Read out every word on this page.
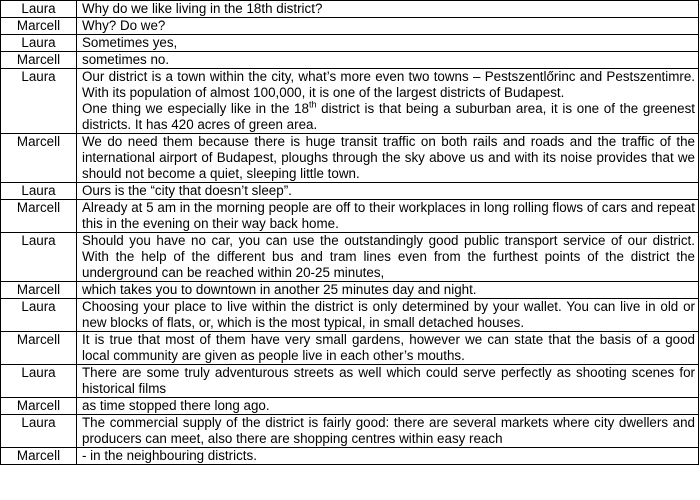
Laura	Why do we like living in the 18th district?

Marcell	Why? Do we?

Laura	Sometimes yes,

Marcell	sometimes no.

Laura	Our district is a town within the city, what’s more even two towns – Pestszentlőrinc and Pestszentimre. With its population of almost 100,000, it is one of the largest districts of Budapest.
One thing we especially like in the 18th district is that being a suburban area, it is one of the greenest districts. It has 420 acres of green area.

Marcell	We do need them because there is huge transit traffic on both rails and roads and the traffic of the international airport of Budapest, ploughs through the sky above us and with its noise provides that we should not become a quiet, sleeping little town.

Laura	Ours is the “city that doesn’t sleep”.

Marcell	Already at 5 am in the morning people are off to their workplaces in long rolling flows of cars and repeat this in the evening on their way back home.

Laura	Should you have no car, you can use the outstandingly good public transport service of our district. With the help of the different bus and tram lines even from the furthest points of the district the underground can be reached within 20-25 minutes,

Marcell	which takes you to downtown in another 25 minutes day and night.

Laura	Choosing your place to live within the district is only determined by your wallet. You can live in old or new blocks of flats, or, which is the most typical, in small detached houses.

Marcell	It is true that most of them have very small gardens, however we can state that the basis of a good local community are given as people live in each other’s mouths.

Laura	There are some truly adventurous streets as well which could serve perfectly as shooting scenes for historical films

Marcell	as time stopped there long ago.

Laura	The commercial supply of the district is fairly good: there are several markets where city dwellers and producers can meet, also there are shopping centres within easy reach

Marcell	- in the neighbouring districts.
